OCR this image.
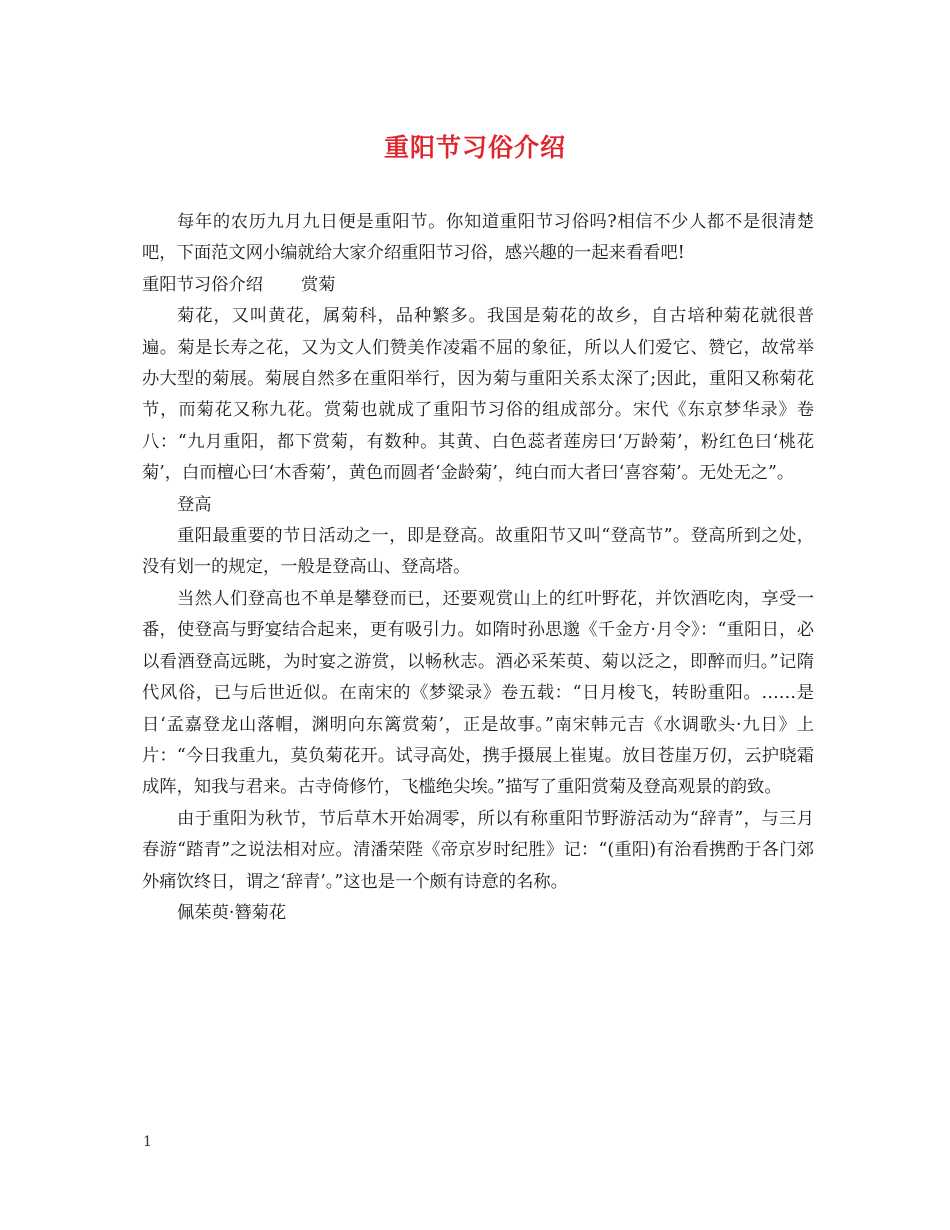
重阳节习俗介绍

每年的农历九月九日便是重阳节。你知道重阳节习俗吗?相信不少人都不是很清楚吧，下面范文网小编就给大家介绍重阳节习俗，感兴趣的一起来看看吧!

重阳节习俗介绍 赏菊

菊花，又叫黄花，属菊科，品种繁多。我国是菊花的故乡，自古培种菊花就很普遍。菊是长寿之花，又为文人们赞美作凌霜不屈的象征，所以人们爱它、赞它，故常举办大型的菊展。菊展自然多在重阳举行，因为菊与重阳关系太深了;因此，重阳又称菊花节，而菊花又称九花。赏菊也就成了重阳节习俗的组成部分。宋代《东京梦华录》卷八：“九月重阳，都下赏菊，有数种。其黄、白色蕊者莲房曰‘万龄菊’，粉红色曰‘桃花菊’，白而檀心曰‘木香菊’，黄色而圆者‘金龄菊’，纯白而大者曰‘喜容菊’。无处无之”。

登高

重阳最重要的节日活动之一，即是登高。故重阳节又叫“登高节”。登高所到之处，没有划一的规定，一般是登高山、登高塔。

当然人们登高也不单是攀登而已，还要观赏山上的红叶野花，并饮酒吃肉，享受一番，使登高与野宴结合起来，更有吸引力。如隋时孙思邈《千金方·月令》：“重阳日，必以看酒登高远眺，为时宴之游赏，以畅秋志。酒必采茱萸、菊以泛之，即醉而归。”记隋代风俗，已与后世近似。在南宋的《梦粱录》卷五载：“日月梭飞，转盼重阳。……是日‘孟嘉登龙山落帽，渊明向东篱赏菊’，正是故事。”南宋韩元吉《水调歌头·九日》上片：“今日我重九，莫负菊花开。试寻高处，携手摄展上崔嵬。放目苍崖万仞，云护晓霜成阵，知我与君来。古寺倚修竹，飞槛绝尖埃。”描写了重阳赏菊及登高观景的韵致。

由于重阳为秋节，节后草木开始凋零，所以有称重阳节野游活动为“辞青”，与三月春游“踏青”之说法相对应。清潘荣陛《帝京岁时纪胜》记：“(重阳)有治看携酌于各门郊外痛饮终日，谓之‘辞青’。”这也是一个颇有诗意的名称。

佩茱萸·簪菊花

1
